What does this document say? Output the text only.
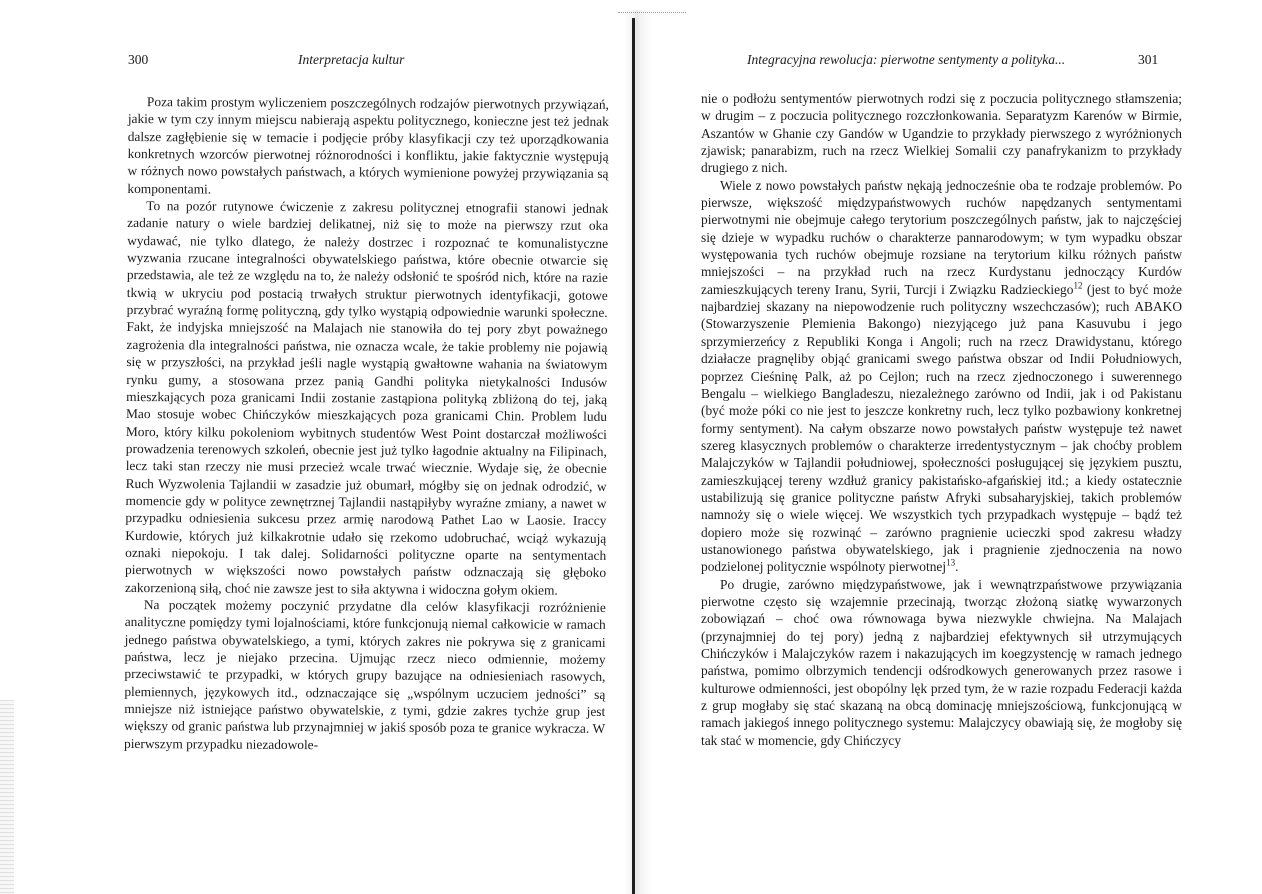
300	Interpretacja kultur

Poza takim prostym wyliczeniem poszczególnych rodzajów pierwotnych przywiązań, jakie w tym czy innym miejscu nabierają aspektu politycznego, konieczne jest też jednak dalsze zagłębienie się w temacie i podjęcie próby klasyfikacji czy też uporządkowania konkretnych wzorców pierwotnej różnorodności i konfliktu, jakie faktycznie występują w różnych nowo powstałych państwach, a których wymienione powyżej przywiązania są komponentami.

To na pozór rutynowe ćwiczenie z zakresu politycznej etnografii stanowi jednak zadanie natury o wiele bardziej delikatnej, niż się to może na pierwszy rzut oka wydawać, nie tylko dlatego, że należy dostrzec i rozpoznać te komunalistyczne wyzwania rzucane integralności obywatelskiego państwa, które obecnie otwarcie się przedstawia, ale też ze względu na to, że należy odsłonić te spośród nich, które na razie tkwią w ukryciu pod postacią trwałych struktur pierwotnych identyfikacji, gotowe przybrać wyraźną formę polityczną, gdy tylko wystąpią odpowiednie warunki społeczne. Fakt, że indyjska mniejszość na Malajach nie stanowiła do tej pory zbyt poważnego zagrożenia dla integralności państwa, nie oznacza wcale, że takie problemy nie pojawią się w przyszłości, na przykład jeśli nagle wystąpią gwałtowne wahania na światowym rynku gumy, a stosowana przez panią Gandhi polityka nietykalności Indusów mieszkających poza granicami Indii zostanie zastąpiona polityką zbliżoną do tej, jaką Mao stosuje wobec Chińczyków mieszkających poza granicami Chin. Problem ludu Moro, który kilku pokoleniom wybitnych studentów West Point dostarczał możliwości prowadzenia terenowych szkoleń, obecnie jest już tylko łagodnie aktualny na Filipinach, lecz taki stan rzeczy nie musi przecież wcale trwać wiecznie. Wydaje się, że obecnie Ruch Wyzwolenia Tajlandii w zasadzie już obumarł, mógłby się on jednak odrodzić, w momencie gdy w polityce zewnętrznej Tajlandii nastąpiłyby wyraźne zmiany, a nawet w przypadku odniesienia sukcesu przez armię narodową Pathet Lao w Laosie. Iraccy Kurdowie, których już kilkakrotnie udało się rzekomo udobruchać, wciąż wykazują oznaki niepokoju. I tak dalej. Solidarności polityczne oparte na sentymentach pierwotnych w większości nowo powstałych państw odznaczają się głęboko zakorzenioną siłą, choć nie zawsze jest to siła aktywna i widoczna gołym okiem.

Na początek możemy poczynić przydatne dla celów klasyfikacji rozróżnienie analityczne pomiędzy tymi lojalnościami, które funkcjonują niemal całkowicie w ramach jednego państwa obywatelskiego, a tymi, których zakres nie pokrywa się z granicami państwa, lecz je niejako przecina. Ujmując rzecz nieco odmiennie, możemy przeciwstawić te przypadki, w których grupy bazujące na odniesieniach rasowych, plemiennych, językowych itd., odznaczające się „wspólnym uczuciem jedności” są mniejsze niż istniejące państwo obywatelskie, z tymi, gdzie zakres tychże grup jest większy od granic państwa lub przynajmniej w jakiś sposób poza te granice wykracza. W pierwszym przypadku niezadowole-

Integracyjna rewolucja: pierwotne sentymenty a polityka...	301

nie o podłożu sentymentów pierwotnych rodzi się z poczucia politycznego stłamszenia; w drugim – z poczucia politycznego rozczłonkowania. Separatyzm Karenów w Birmie, Aszantów w Ghanie czy Gandów w Ugandzie to przykłady pierwszego z wyróżnionych zjawisk; panarabizm, ruch na rzecz Wielkiej Somalii czy panafrykanizm to przykłady drugiego z nich.

Wiele z nowo powstałych państw nękają jednocześnie oba te rodzaje problemów. Po pierwsze, większość międzypaństwowych ruchów napędzanych sentymentami pierwotnymi nie obejmuje całego terytorium poszczególnych państw, jak to najczęściej się dzieje w wypadku ruchów o charakterze pannarodowym; w tym wypadku obszar występowania tych ruchów obejmuje rozsiane na terytorium kilku różnych państw mniejszości – na przykład ruch na rzecz Kurdystanu jednoczący Kurdów zamieszkujących tereny Iranu, Syrii, Turcji i Związku Radzieckiego$^{12}$ (jest to być może najbardziej skazany na niepowodzenie ruch polityczny wszechczasów); ruch ABAKO (Stowarzyszenie Plemienia Bakongo) niezyjącego już pana Kasuvubu i jego sprzymierzeńcy z Republiki Konga i Angoli; ruch na rzecz Drawidystanu, którego działacze pragnęliby objąć granicami swego państwa obszar od Indii Południowych, poprzez Cieśninę Palk, aż po Cejlon; ruch na rzecz zjednoczonego i suwerennego Bengalu – wielkiego Bangladeszu, niezależnego zarówno od Indii, jak i od Pakistanu (być może póki co nie jest to jeszcze konkretny ruch, lecz tylko pozbawiony konkretnej formy sentyment). Na całym obszarze nowo powstałych państw występuje też nawet szereg klasycznych problemów o charakterze irredentystycznym – jak choćby problem Malajczyków w Tajlandii południowej, społeczności posługującej się językiem pusztu, zamieszkującej tereny wzdłuż granicy pakistańsko-afgańskiej itd.; a kiedy ostatecznie ustabilizują się granice polityczne państw Afryki subsaharyjskiej, takich problemów namnoży się o wiele więcej. We wszystkich tych przypadkach występuje – bądź też dopiero może się rozwinąć – zarówno pragnienie ucieczki spod zakresu władzy ustanowionego państwa obywatelskiego, jak i pragnienie zjednoczenia na nowo podzielonej politycznie wspólnoty pierwotnej$^{13}$.

Po drugie, zarówno międzypaństwowe, jak i wewnątrzpaństwowe przywiązania pierwotne często się wzajemnie przecinają, tworząc złożoną siatkę wywarzonych zobowiązań – choć owa równowaga bywa niezwykle chwiejna. Na Malajach (przynajmniej do tej pory) jedną z najbardziej efektywnych sił utrzymujących Chińczyków i Malajczyków razem i nakazujących im koegzystencję w ramach jednego państwa, pomimo olbrzymich tendencji odśrodkowych generowanych przez rasowe i kulturowe odmienności, jest obopólny lęk przed tym, że w razie rozpadu Federacji każda z grup mogłaby się stać skazaną na obcą dominację mniejszościową, funkcjonującą w ramach jakiegoś innego politycznego systemu: Malajczycy obawiają się, że mogłoby się tak stać w momencie, gdy Chińczycy
